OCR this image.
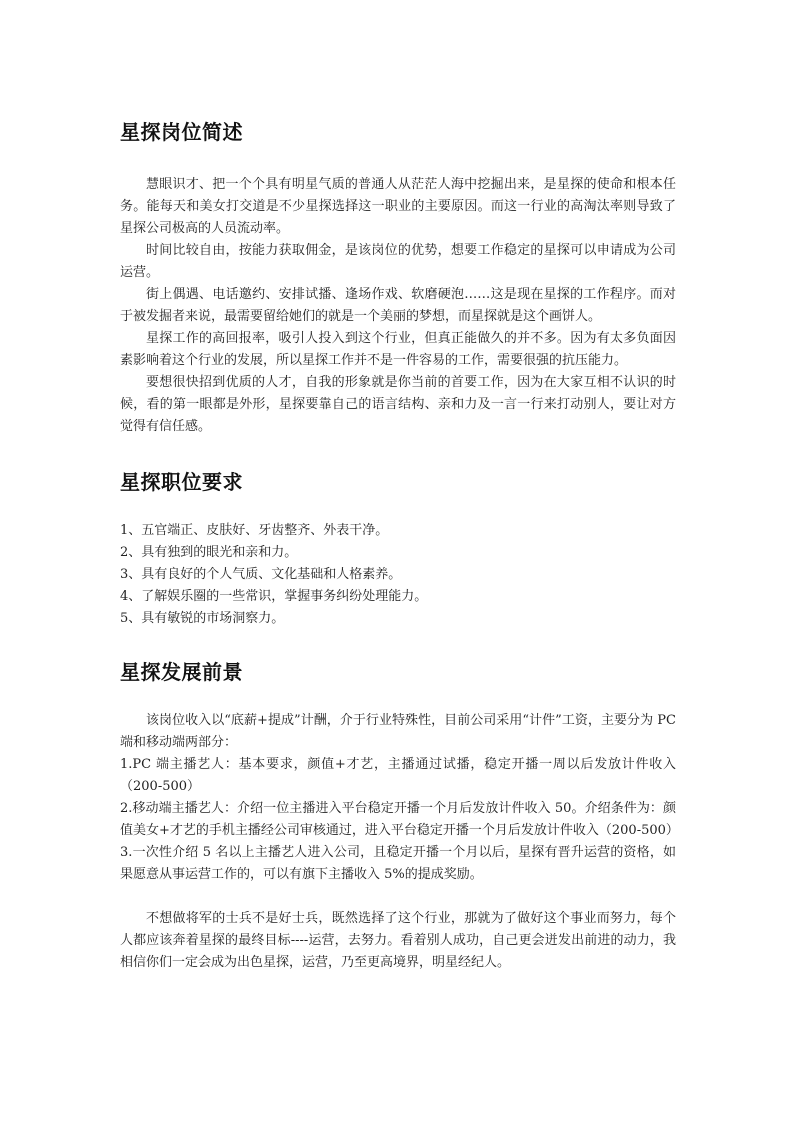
星探岗位简述

慧眼识才、把一个个具有明星气质的普通人从茫茫人海中挖掘出来，是星探的使命和根本任务。能每天和美女打交道是不少星探选择这一职业的主要原因。而这一行业的高淘汰率则导致了星探公司极高的人员流动率。

时间比较自由，按能力获取佣金，是该岗位的优势，想要工作稳定的星探可以申请成为公司运营。

街上偶遇、电话邀约、安排试播、逢场作戏、软磨硬泡……这是现在星探的工作程序。而对于被发掘者来说，最需要留给她们的就是一个美丽的梦想，而星探就是这个画饼人。

星探工作的高回报率，吸引人投入到这个行业，但真正能做久的并不多。因为有太多负面因素影响着这个行业的发展，所以星探工作并不是一件容易的工作，需要很强的抗压能力。

要想很快招到优质的人才，自我的形象就是你当前的首要工作，因为在大家互相不认识的时候，看的第一眼都是外形，星探要靠自己的语言结构、亲和力及一言一行来打动别人，要让对方觉得有信任感。

星探职位要求

1、五官端正、皮肤好、牙齿整齐、外表干净。

2、具有独到的眼光和亲和力。

3、具有良好的个人气质、文化基础和人格素养。

4、了解娱乐圈的一些常识，掌握事务纠纷处理能力。

5、具有敏锐的市场洞察力。

星探发展前景

该岗位收入以“底薪+提成”计酬，介于行业特殊性，目前公司采用“计件”工资，主要分为 PC 端和移动端两部分：

1.PC 端主播艺人：基本要求，颜值+才艺，主播通过试播，稳定开播一周以后发放计件收入（200-500）

2.移动端主播艺人：介绍一位主播进入平台稳定开播一个月后发放计件收入 50。介绍条件为：颜值美女+才艺的手机主播经公司审核通过，进入平台稳定开播一个月后发放计件收入（200-500）

3.一次性介绍 5 名以上主播艺人进入公司，且稳定开播一个月以后，星探有晋升运营的资格，如果愿意从事运营工作的，可以有旗下主播收入 5%的提成奖励。

不想做将军的士兵不是好士兵，既然选择了这个行业，那就为了做好这个事业而努力，每个人都应该奔着星探的最终目标----运营，去努力。看着别人成功，自己更会迸发出前进的动力，我相信你们一定会成为出色星探，运营，乃至更高境界，明星经纪人。
